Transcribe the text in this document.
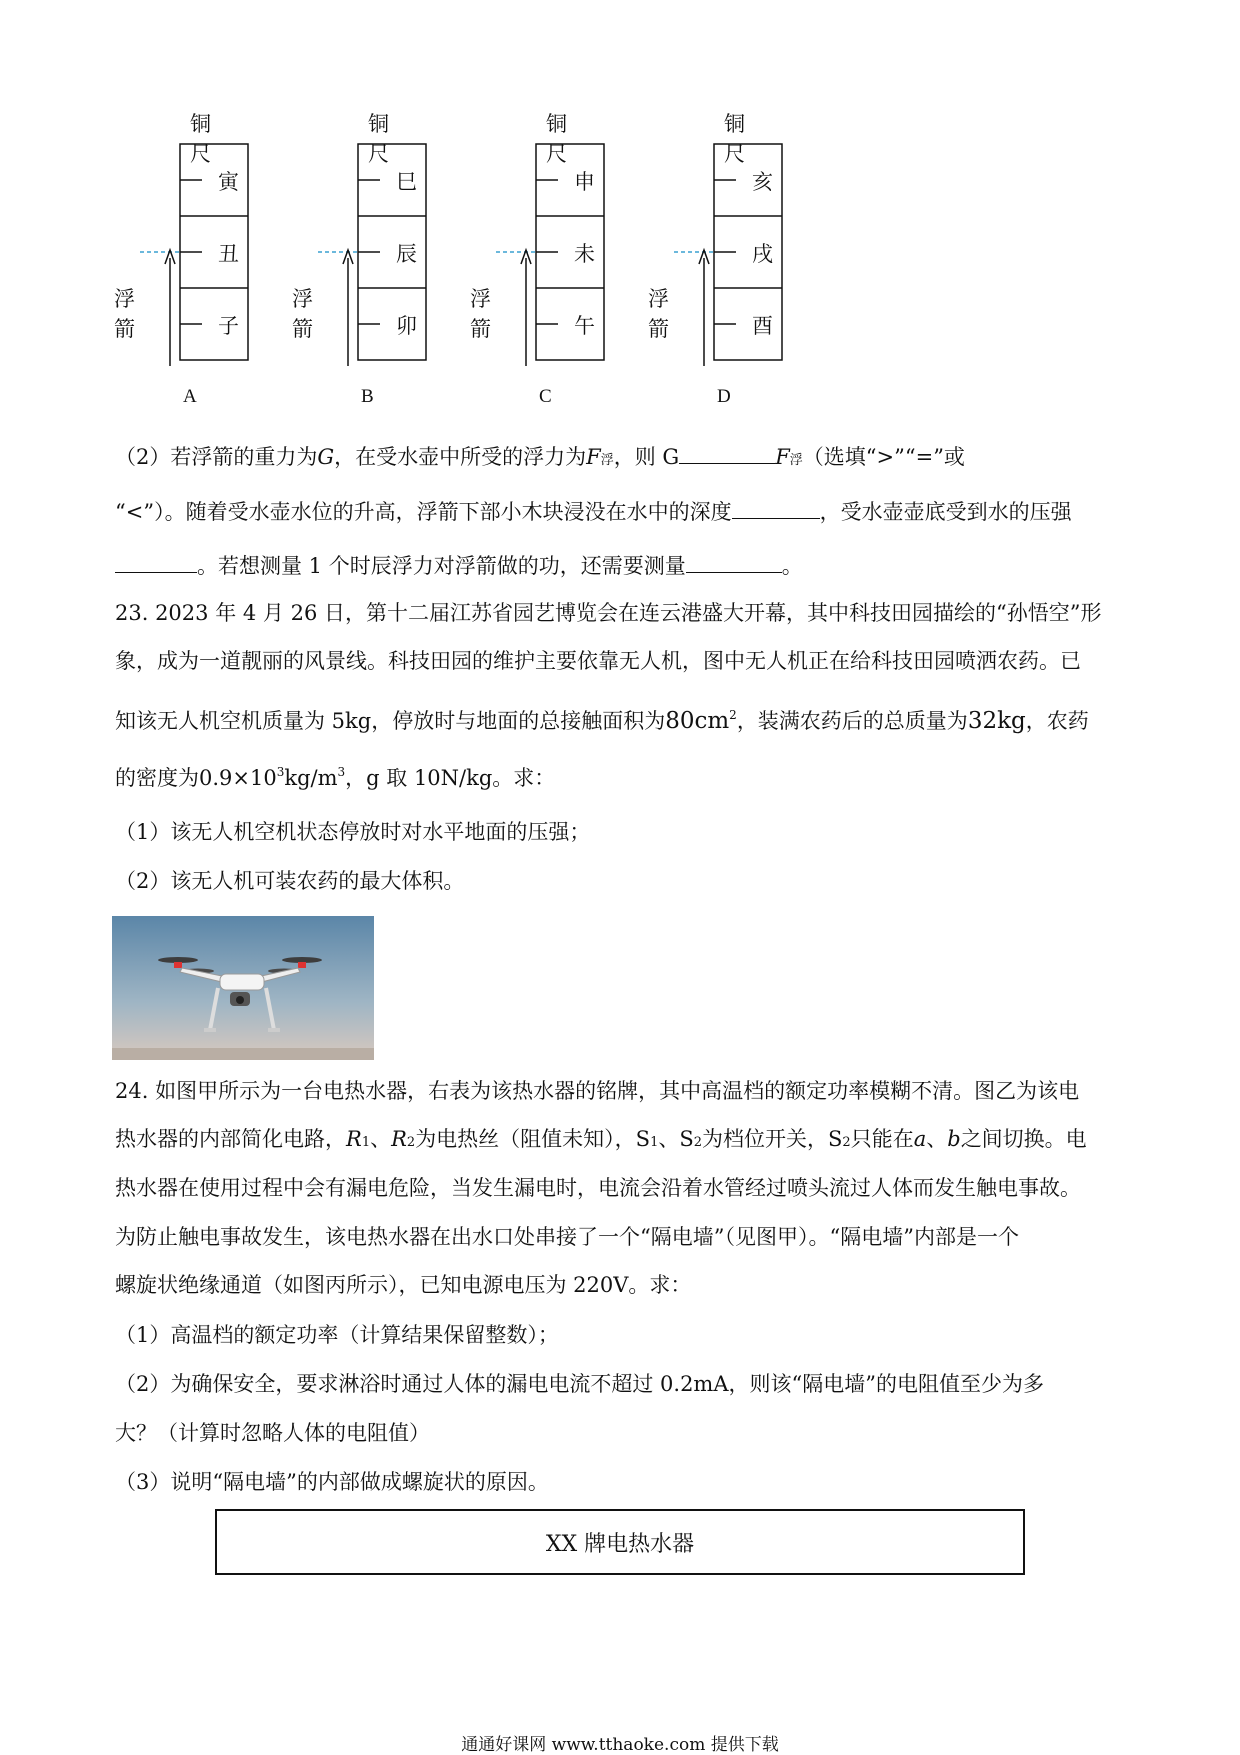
铜尺
寅
丑
子
浮箭
A
铜尺
巳
辰
卯
浮箭
B
铜尺
申
未
午
浮箭
C
铜尺
亥
戌
酉
浮箭
D
（2）若浮箭的重力为G，在受水壶中所受的浮力为F浮，则 G	F浮（选填“>”“=”或
“<”）。随着受水壶水位的升高，浮箭下部小木块浸没在水中的深度	，受水壶壶底受到水的压强
。若想测量 1 个时辰浮力对浮箭做的功，还需要测量	。
23. 2023 年 4 月 26 日，第十二届江苏省园艺博览会在连云港盛大开幕，其中科技田园描绘的“孙悟空”形
象，成为一道靓丽的风景线。科技田园的维护主要依靠无人机，图中无人机正在给科技田园喷洒农药。已
知该无人机空机质量为 5kg，停放时与地面的总接触面积为$80cm^2$，装满农药后的总质量为32kg，农药
的密度为$0.9\times 10^3kg/m^3$，g 取 10N/kg。求：
（1）该无人机空机状态停放时对水平地面的压强；
（2）该无人机可装农药的最大体积。
24. 如图甲所示为一台电热水器，右表为该热水器的铭牌，其中高温档的额定功率模糊不清。图乙为该电
热水器的内部简化电路，R1、R2为电热丝（阻值未知），S1、S2为档位开关，S2只能在a、b之间切换。电
热水器在使用过程中会有漏电危险，当发生漏电时，电流会沿着水管经过喷头流过人体而发生触电事故。
为防止触电事故发生，该电热水器在出水口处串接了一个“隔电墙”（见图甲）。“隔电墙”内部是一个
螺旋状绝缘通道（如图丙所示），已知电源电压为 220V。求：
（1）高温档的额定功率（计算结果保留整数）；
（2）为确保安全，要求淋浴时通过人体的漏电电流不超过 0.2mA，则该“隔电墙”的电阻值至少为多
大？（计算时忽略人体的电阻值）
（3）说明“隔电墙”的内部做成螺旋状的原因。
XX 牌电热水器
通通好课网 www.tthaoke.com 提供下载
